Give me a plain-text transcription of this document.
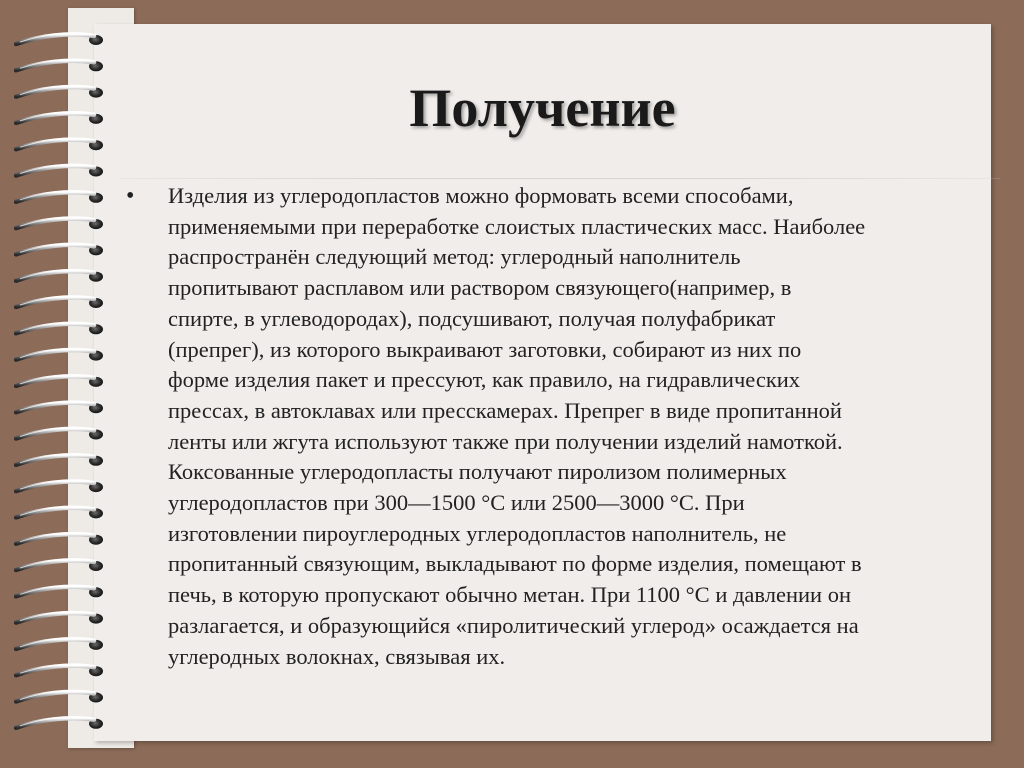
Получение
• Изделия из углеродопластов можно формовать всеми способами,
применяемыми при переработке слоистых пластических масс. Наиболее
распространён следующий метод: углеродный наполнитель
пропитывают расплавом или раствором связующего(например, в
спирте, в углеводородах), подсушивают, получая полуфабрикат
(препрег), из которого выкраивают заготовки, собирают из них по
форме изделия пакет и прессуют, как правило, на гидравлических
прессах, в автоклавах или пресскамерах. Препрег в виде пропитанной
ленты или жгута используют также при получении изделий намоткой.
Коксованные углеродопласты получают пиролизом полимерных
углеродопластов при 300—1500 °С или 2500—3000 °С. При
изготовлении пироуглеродных углеродопластов наполнитель, не
пропитанный связующим, выкладывают по форме изделия, помещают в
печь, в которую пропускают обычно метан. При 1100 °С и давлении он
разлагается, и образующийся «пиролитический углерод» осаждается на
углеродных волокнах, связывая их.
